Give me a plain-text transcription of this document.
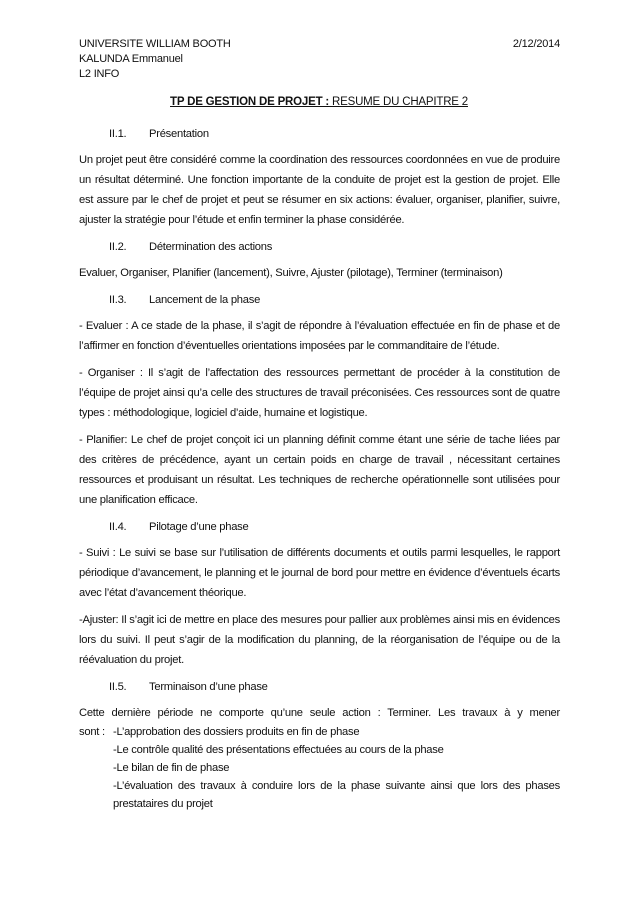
UNIVERSITE WILLIAM BOOTH
KALUNDA Emmanuel
L2 INFO
2/12/2014
TP DE GESTION DE PROJET : RESUME DU CHAPITRE 2
II.1. Présentation
Un projet peut être considéré comme la coordination des ressources coordonnées en vue de produire un résultat déterminé. Une fonction importante de la conduite de projet est la gestion de projet. Elle est assure par le chef de projet et peut se résumer en six actions: évaluer, organiser, planifier, suivre, ajuster la stratégie pour l’étude et enfin terminer la phase considérée.
II.2. Détermination des actions
Evaluer, Organiser, Planifier (lancement), Suivre, Ajuster (pilotage), Terminer (terminaison)
II.3. Lancement de la phase
- Evaluer : A ce stade de la phase, il s’agit de répondre à l’évaluation effectuée en fin de phase et de l’affirmer en fonction d’éventuelles orientations imposées par le commanditaire de l’étude.
- Organiser : Il s’agit de l’affectation des ressources permettant de procéder à la constitution de l’équipe de projet ainsi qu’a celle des structures de travail préconisées. Ces ressources sont de quatre types : méthodologique, logiciel d’aide, humaine et logistique.
- Planifier: Le chef de projet conçoit ici un planning définit comme étant une série de tache liées par des critères de précédence, ayant un certain poids en charge de travail , nécessitant certaines ressources et produisant un résultat. Les techniques de recherche opérationnelle sont utilisées pour une planification efficace.
II.4. Pilotage d’une phase
- Suivi : Le suivi se base sur l’utilisation de différents documents et outils parmi lesquelles, le rapport périodique d’avancement, le planning et le journal de bord pour mettre en évidence d’éventuels écarts avec l’état d’avancement théorique.
-Ajuster: Il s’agit ici de mettre en place des mesures pour pallier aux problèmes ainsi mis en évidences lors du suivi. Il peut s’agir de la modification du planning, de la réorganisation de l’équipe ou de la réévaluation du projet.
II.5. Terminaison d’une phase
Cette dernière période ne comporte qu’une seule action : Terminer. Les travaux à y mener
sont : -L’approbation des dossiers produits en fin de phase
-Le contrôle qualité des présentations effectuées au cours de la phase
-Le bilan de fin de phase
-L’évaluation des travaux à conduire lors de la phase suivante ainsi que lors des phases prestataires du projet
